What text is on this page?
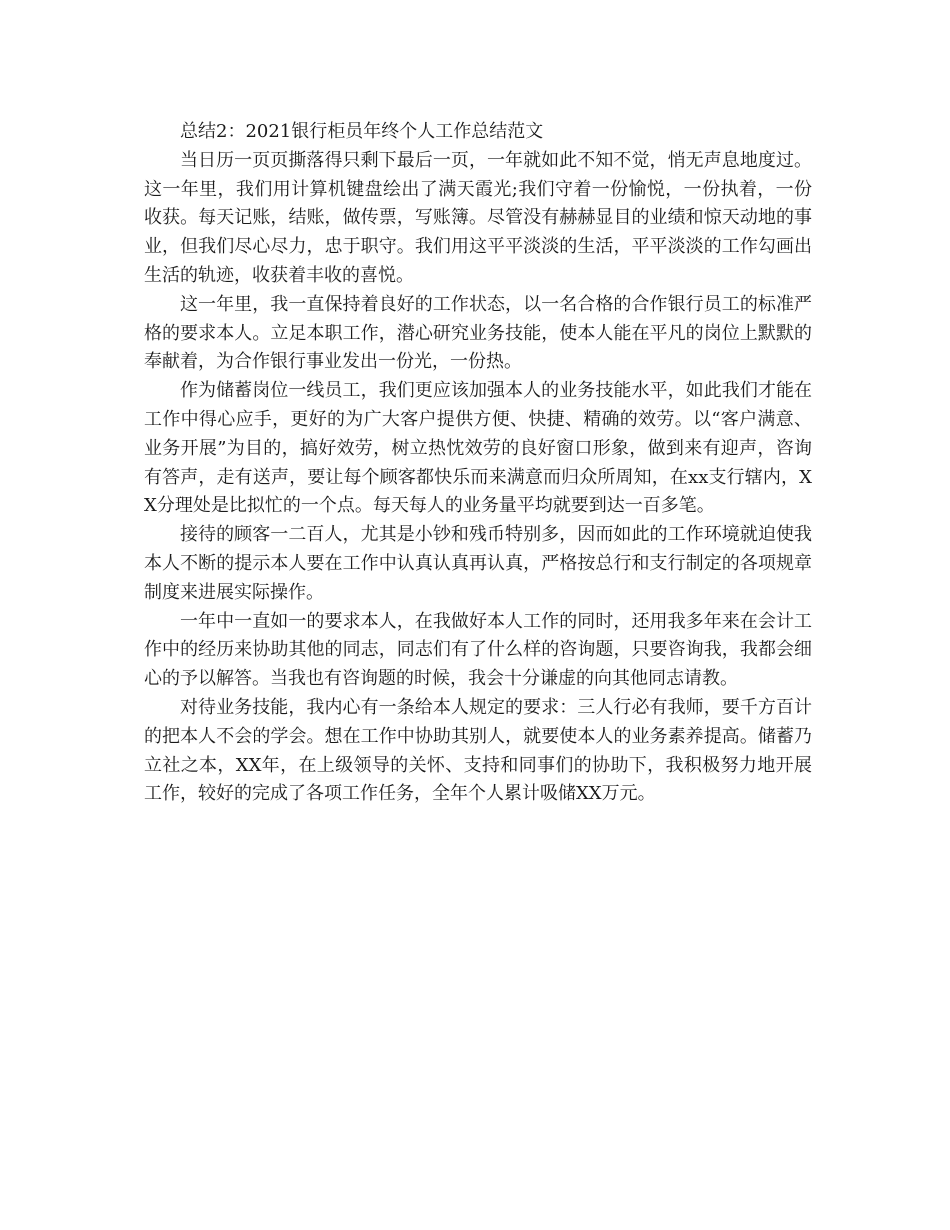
总结2：2021银行柜员年终个人工作总结范文

当日历一页页撕落得只剩下最后一页，一年就如此不知不觉，悄无声息地度过。这一年里，我们用计算机键盘绘出了满天霞光;我们守着一份愉悦，一份执着，一份收获。每天记账，结账，做传票，写账簿。尽管没有赫赫显目的业绩和惊天动地的事业，但我们尽心尽力，忠于职守。我们用这平平淡淡的生活，平平淡淡的工作勾画出生活的轨迹，收获着丰收的喜悦。

这一年里，我一直保持着良好的工作状态，以一名合格的合作银行员工的标准严格的要求本人。立足本职工作，潜心研究业务技能，使本人能在平凡的岗位上默默的奉献着，为合作银行事业发出一份光，一份热。

作为储蓄岗位一线员工，我们更应该加强本人的业务技能水平，如此我们才能在工作中得心应手，更好的为广大客户提供方便、快捷、精确的效劳。以“客户满意、业务开展”为目的，搞好效劳，树立热忱效劳的良好窗口形象，做到来有迎声，咨询有答声，走有送声，要让每个顾客都快乐而来满意而归众所周知，在xx支行辖内，XX分理处是比拟忙的一个点。每天每人的业务量平均就要到达一百多笔。

接待的顾客一二百人，尤其是小钞和残币特别多，因而如此的工作环境就迫使我本人不断的提示本人要在工作中认真认真再认真，严格按总行和支行制定的各项规章制度来进展实际操作。

一年中一直如一的要求本人，在我做好本人工作的同时，还用我多年来在会计工作中的经历来协助其他的同志，同志们有了什么样的咨询题，只要咨询我，我都会细心的予以解答。当我也有咨询题的时候，我会十分谦虚的向其他同志请教。

对待业务技能，我内心有一条给本人规定的要求：三人行必有我师，要千方百计的把本人不会的学会。想在工作中协助其别人，就要使本人的业务素养提高。储蓄乃立社之本，XX年，在上级领导的关怀、支持和同事们的协助下，我积极努力地开展工作，较好的完成了各项工作任务，全年个人累计吸储XX万元。
